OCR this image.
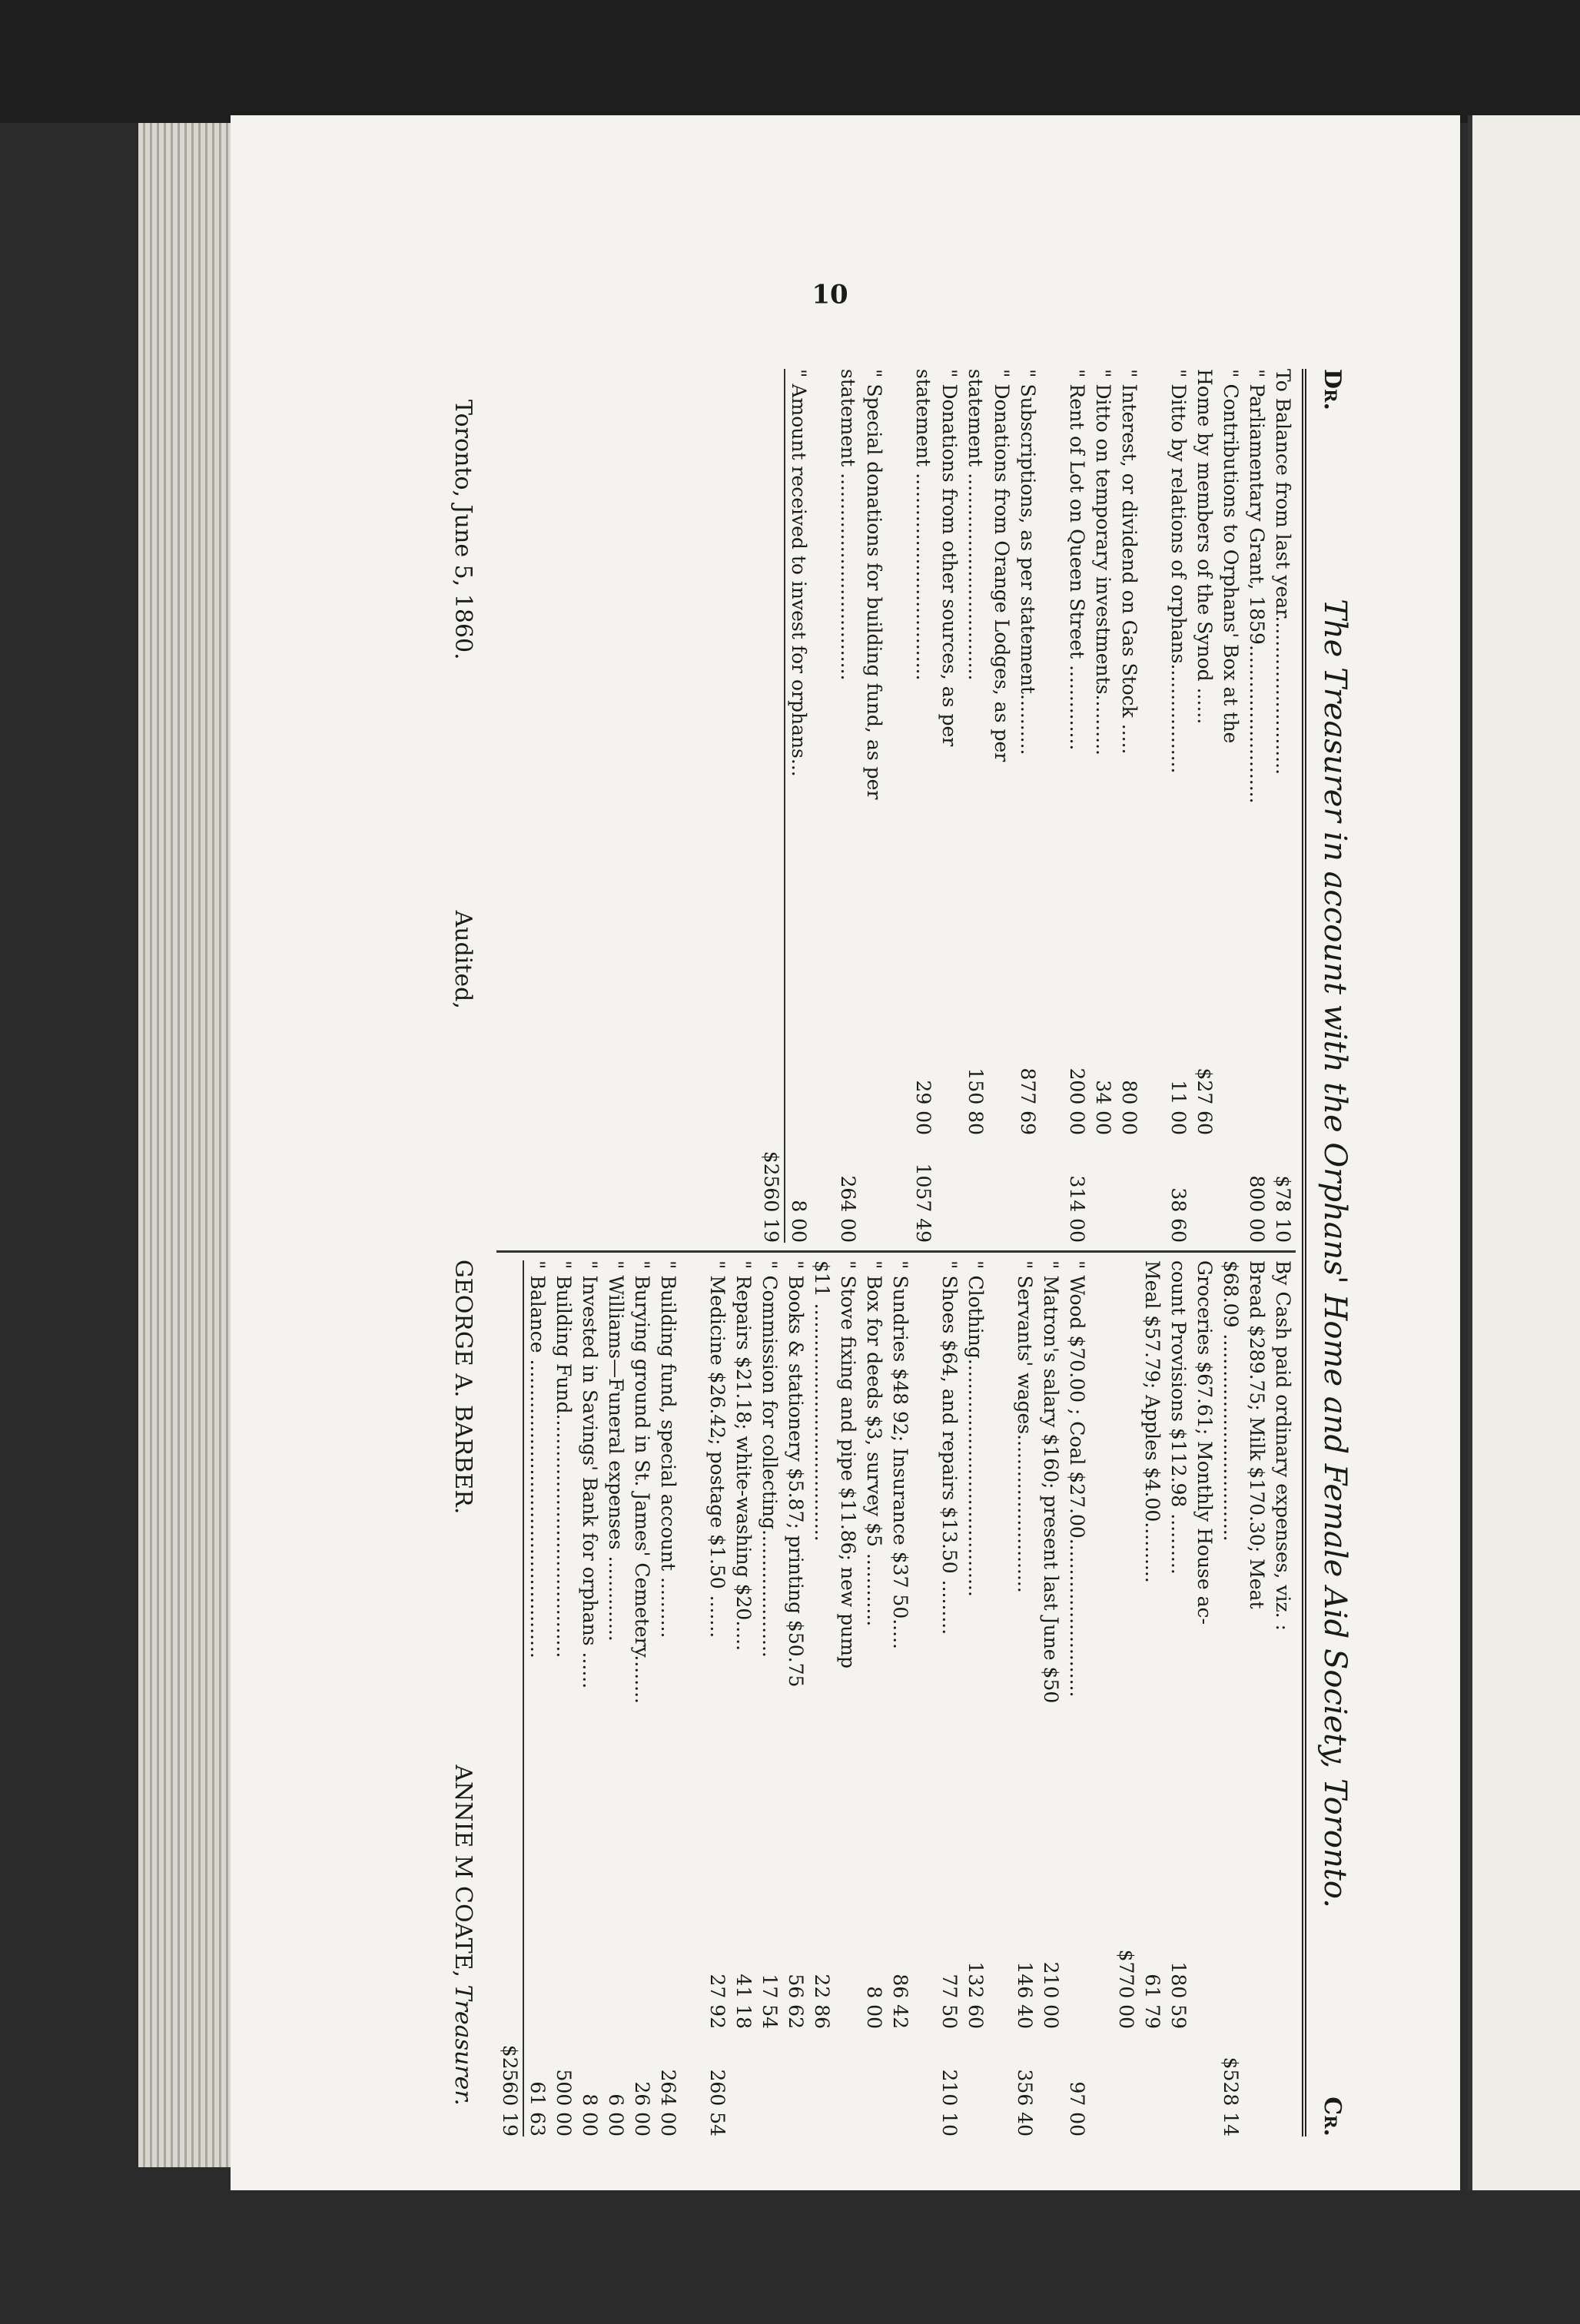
10
Dr.
The Treasurer in account with the Orphans' Home and Female Aid Society, Toronto.
Cr.
To Balance from last year..........................
$78 10
" Parliamentary Grant, 1859..........................
800 00
" Contributions to Orphans' Box at the
Home by members of the Synod ......
$27 60
" Ditto by relations of orphans..................
11 00
38 60
" Interest, or dividend on Gas Stock .....
80 00
" Ditto on temporary investments..........
34 00
" Rent of Lot on Queen Street ..............
200 00
314 00
" Subscriptions, as per statement..........
877 69
" Donations from Orange Lodges, as per
statement ..................................
150 80
" Donations from other sources, as per
statement ..................................
29 00
1057 49
" Special donations for building fund, as per
statement ..................................
264 00
" Amount received to invest for orphans...
8 00
$2560 19
By Cash paid ordinary expenses, viz. :
Bread $289.75; Milk $170.30; Meat
$68.09 ..................................
$528 14
Groceries $67.61; Monthly House ac-
count Provisions $112.98 ..........
180 59
Meal $57.79; Apples $4.00..........
61 79
$770 00
" Wood $70.00 ; Coal $27.00..........................
97 00
" Matron's salary $160; present last June $50
210 00
" Servants' wages..........................
146 40
356 40
" Clothing.......................................
132 60
" Shoes $64, and repairs $13.50 .........
77 50
210 10
" Sundries $48 92; Insurance $37 50.....
86 42
" Box for deeds $3, survey $5 ............
8 00
" Stove fixing and pipe $11.86; new pump
$11 .......................................
22 86
" Books & stationery $5.87; printing $50.75
56 62
" Commission for collecting.....................
17 54
" Repairs $21.18; white-washing $20.....
41 18
" Medicine $26.42; postage $1.50 .......
27 92
260 54
" Building fund, special account ..........
264 00
" Burying ground in St. James' Cemetery........
26 00
" Williams—Funeral expenses ..............
6 00
" Invested in Savings' Bank for orphans ......
8 00
" Building Fund........................................
500 00
" Balance .................................................
61 63
$2560 19
Toronto, June 5, 1860.
Audited,
GEORGE A. BARBER.
ANNIE M COATE, Treasurer.
